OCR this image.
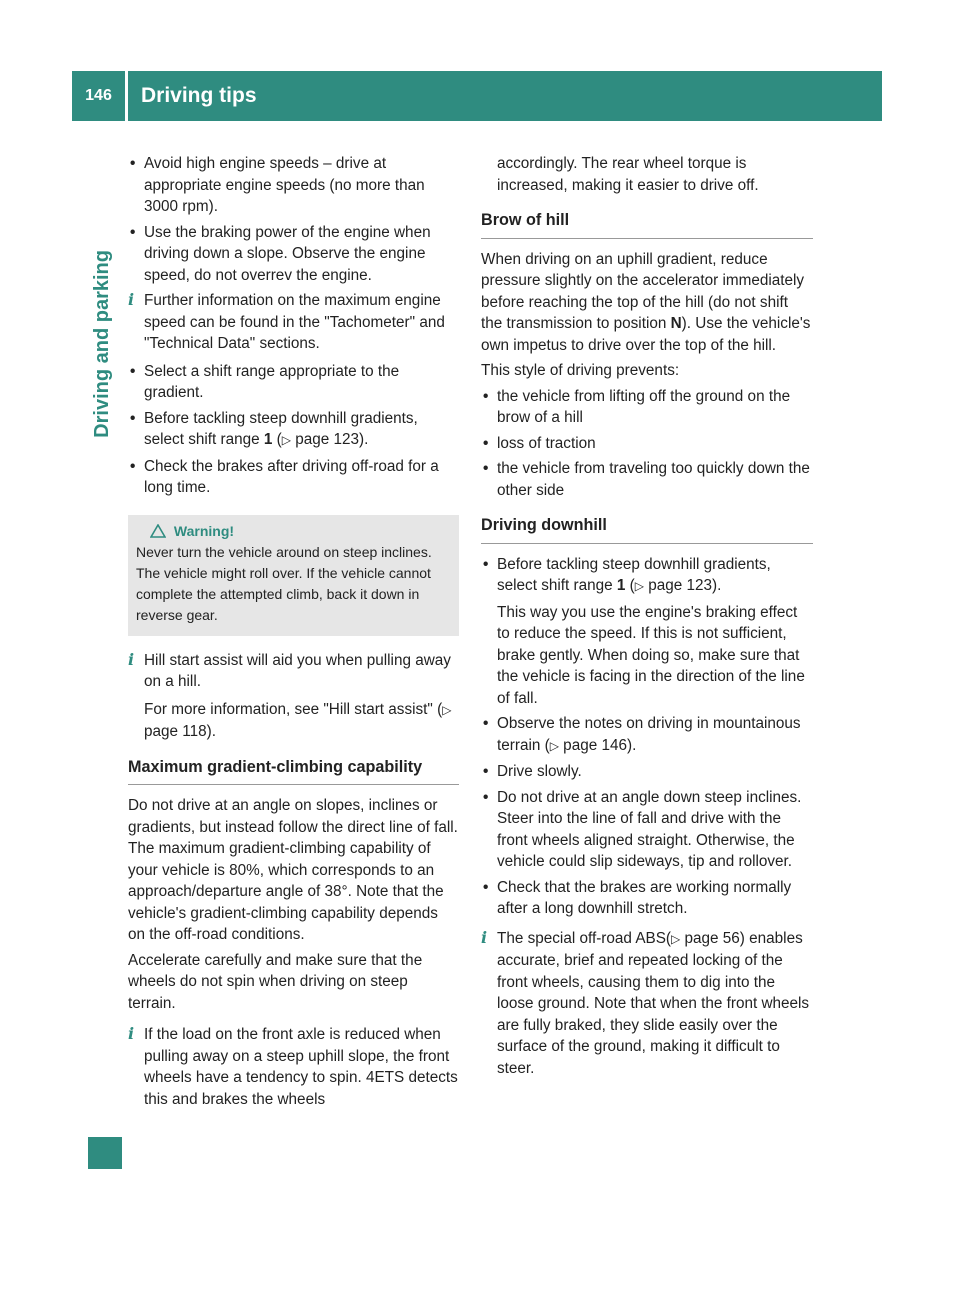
146	Driving tips
Driving and parking
• Avoid high engine speeds – drive at appropriate engine speeds (no more than 3000 rpm).
• Use the braking power of the engine when driving down a slope. Observe the engine speed, do not overrev the engine.
i Further information on the maximum engine speed can be found in the "Tachometer" and "Technical Data" sections.
• Select a shift range appropriate to the gradient.
• Before tackling steep downhill gradients, select shift range 1 (▷ page 123).
• Check the brakes after driving off-road for a long time.
Warning!
Never turn the vehicle around on steep inclines. The vehicle might roll over. If the vehicle cannot complete the attempted climb, back it down in reverse gear.
i Hill start assist will aid you when pulling away on a hill.
For more information, see "Hill start assist" (▷ page 118).
Maximum gradient-climbing capability

Do not drive at an angle on slopes, inclines or gradients, but instead follow the direct line of fall. The maximum gradient-climbing capability of your vehicle is 80%, which corresponds to an approach/departure angle of 38°. Note that the vehicle's gradient-climbing capability depends on the off-road conditions.

Accelerate carefully and make sure that the wheels do not spin when driving on steep terrain.

i If the load on the front axle is reduced when pulling away on a steep uphill slope, the front wheels have a tendency to spin. 4ETS detects this and brakes the wheels
accordingly. The rear wheel torque is increased, making it easier to drive off.
Brow of hill

When driving on an uphill gradient, reduce pressure slightly on the accelerator immediately before reaching the top of the hill (do not shift the transmission to position N). Use the vehicle's own impetus to drive over the top of the hill.

This style of driving prevents:

• the vehicle from lifting off the ground on the brow of a hill
• loss of traction
• the vehicle from traveling too quickly down the other side
Driving downhill
• Before tackling steep downhill gradients, select shift range 1 (▷ page 123).
This way you use the engine's braking effect to reduce the speed. If this is not sufficient, brake gently. When doing so, make sure that the vehicle is facing in the direction of the line of fall.
• Observe the notes on driving in mountainous terrain (▷ page 146).
• Drive slowly.
• Do not drive at an angle down steep inclines. Steer into the line of fall and drive with the front wheels aligned straight. Otherwise, the vehicle could slip sideways, tip and rollover.
• Check that the brakes are working normally after a long downhill stretch.
i The special off-road ABS(▷ page 56) enables accurate, brief and repeated locking of the front wheels, causing them to dig into the loose ground. Note that when the front wheels are fully braked, they slide easily over the surface of the ground, making it difficult to steer.
